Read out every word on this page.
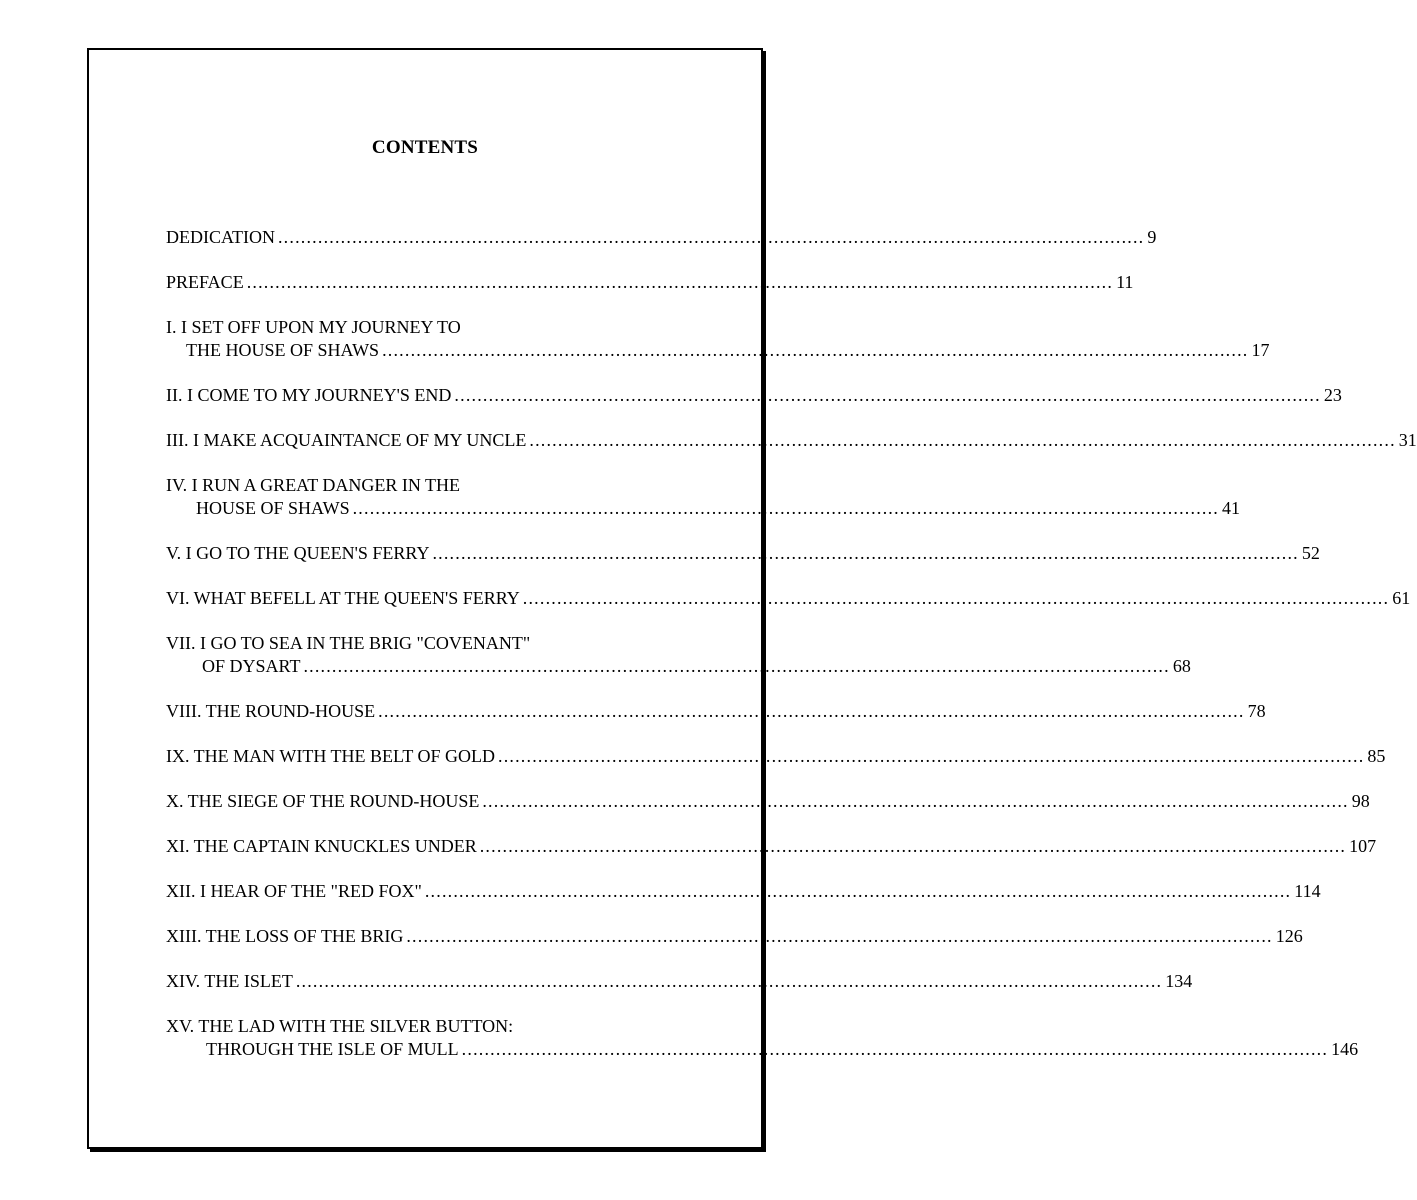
CONTENTS
DEDICATION ........................................................................................................................................................ 9
PREFACE ........................................................................................................................................................ 11
I. I SET OFF UPON MY JOURNEY TO
THE HOUSE OF SHAWS ........................................................................................................................................................ 17
II. I COME TO MY JOURNEY'S END ........................................................................................................................................................ 23
III. I MAKE ACQUAINTANCE OF MY UNCLE ........................................................................................................................................................ 31
IV. I RUN A GREAT DANGER IN THE
HOUSE OF SHAWS ........................................................................................................................................................ 41
V. I GO TO THE QUEEN'S FERRY ........................................................................................................................................................ 52
VI. WHAT BEFELL AT THE QUEEN'S FERRY ........................................................................................................................................................ 61
VII. I GO TO SEA IN THE BRIG "COVENANT"
OF DYSART ........................................................................................................................................................ 68
VIII. THE ROUND-HOUSE ........................................................................................................................................................ 78
IX. THE MAN WITH THE BELT OF GOLD ........................................................................................................................................................ 85
X. THE SIEGE OF THE ROUND-HOUSE ........................................................................................................................................................ 98
XI. THE CAPTAIN KNUCKLES UNDER ........................................................................................................................................................ 107
XII. I HEAR OF THE "RED FOX" ........................................................................................................................................................ 114
XIII. THE LOSS OF THE BRIG ........................................................................................................................................................ 126
XIV. THE ISLET ........................................................................................................................................................ 134
XV. THE LAD WITH THE SILVER BUTTON:
THROUGH THE ISLE OF MULL ........................................................................................................................................................ 146
